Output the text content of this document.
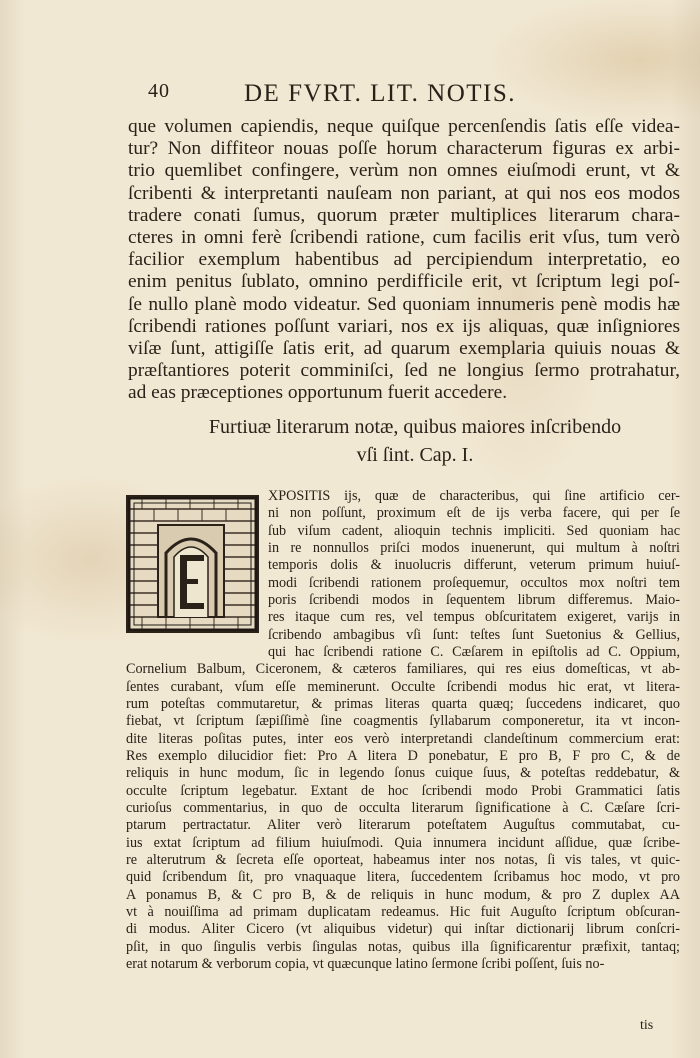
40	DE FVRT. LIT. NOTIS.
que volumen capiendis, neque quiſque percenſendis ſatis eſſe videa-
tur? Non diffiteor nouas poſſe horum characterum figuras ex arbi-
trio quemlibet confingere, verùm non omnes eiuſmodi erunt, vt &
ſcribenti & interpretanti nauſeam non pariant, at qui nos eos modos
tradere conati ſumus, quorum præter multiplices literarum chara-
cteres in omni ferè ſcribendi ratione, cum facilis erit vſus, tum verò
facilior exemplum habentibus ad percipiendum interpretatio, eo
enim penitus ſublato, omnino perdifficile erit, vt ſcriptum legi poſ-
ſe nullo planè modo videatur. Sed quoniam innumeris penè modis hæ
ſcribendi rationes poſſunt variari, nos ex ijs aliquas, quæ inſigniores
viſæ ſunt, attigiſſe ſatis erit, ad quarum exemplaria quiuis nouas &
præſtantiores poterit comminiſci, ſed ne longius ſermo protrahatur,
ad eas præceptiones opportunum fuerit accedere.
Furtiuæ literarum notæ, quibus maiores inſcribendo
vſi ſint. Cap. I.
XPOSITIS ijs, quæ de characteribus, qui ſine artificio cer-
ni non poſſunt, proximum eſt de ijs verba facere, qui per ſe
ſub viſum cadent, alioquin technis impliciti. Sed quoniam hac
in re nonnullos priſci modos inuenerunt, qui multum à noſtri
temporis dolis & inuolucris differunt, veterum primum huiuſ-
modi ſcribendi rationem proſequemur, occultos mox noſtri tem
poris ſcribendi modos in ſequentem librum differemus. Maio-
res itaque cum res, vel tempus obſcuritatem exigeret, varijs in
ſcribendo ambagibus vſi ſunt: teſtes ſunt Suetonius & Gellius,
qui hac ſcribendi ratione C. Cæſarem in epiſtolis ad C. Oppium,
Cornelium Balbum, Ciceronem, & cæteros familiares, qui res eius domeſticas, vt ab-
ſentes curabant, vſum eſſe meminerunt. Occulte ſcribendi modus hic erat, vt litera-
rum poteſtas commutaretur, & primas literas quarta quæq; ſuccedens indicaret, quo
fiebat, vt ſcriptum ſæpiſſimè ſine coagmentis ſyllabarum componeretur, ita vt incon-
dite literas poſitas putes, inter eos verò interpretandi clandeſtinum commercium erat:
Res exemplo dilucidior fiet: Pro A litera D ponebatur, E pro B, F pro C, & de
reliquis in hunc modum, ſic in legendo ſonus cuique ſuus, & poteſtas reddebatur, &
occulte ſcriptum legebatur. Extant de hoc ſcribendi modo Probi Grammatici ſatis
curioſus commentarius, in quo de occulta literarum ſignificatione à C. Cæſare ſcri-
ptarum pertractatur. Aliter verò literarum poteſtatem Auguſtus commutabat, cu-
ius extat ſcriptum ad filium huiuſmodi. Quia innumera incidunt aſſidue, quæ ſcribe-
re alterutrum & ſecreta eſſe oporteat, habeamus inter nos notas, ſi vis tales, vt quic-
quid ſcribendum ſit, pro vnaquaque litera, ſuccedentem ſcribamus hoc modo, vt pro
A ponamus B, & C pro B, & de reliquis in hunc modum, & pro Z duplex AA
vt à nouiſſima ad primam duplicatam redeamus. Hic fuit Auguſto ſcriptum obſcuran-
di modus. Aliter Cicero (vt aliquibus videtur) qui inſtar dictionarij librum conſcri-
pſit, in quo ſingulis verbis ſingulas notas, quibus illa ſignificarentur præfixit, tantaq;
erat notarum & verborum copia, vt quæcunque latino ſermone ſcribi poſſent, ſuis no-
tis
